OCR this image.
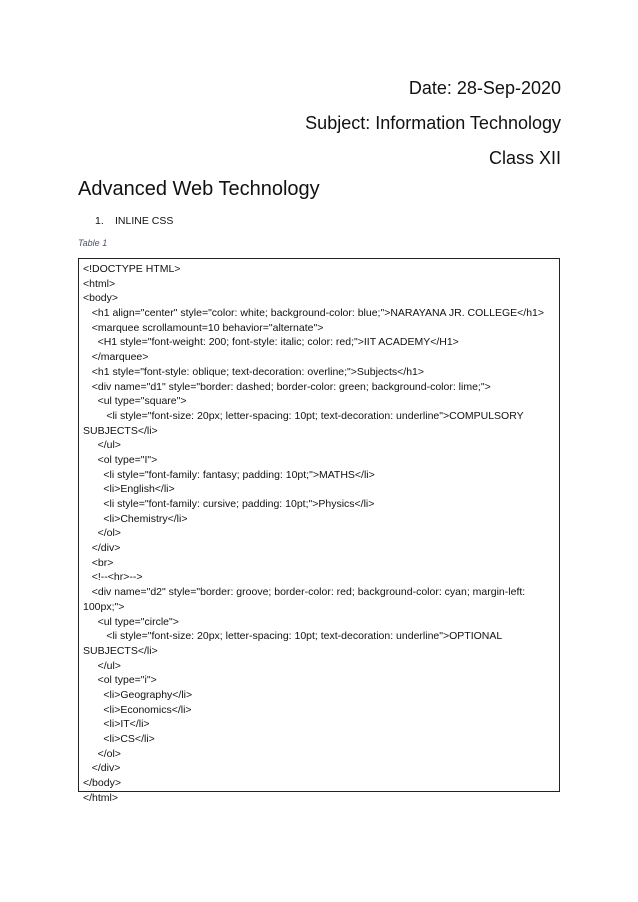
Date: 28-Sep-2020
Subject: Information Technology
Class XII
Advanced Web Technology
1. INLINE CSS
Table 1
<!DOCTYPE HTML>
<html>
<body>
<h1 align="center" style="color: white; background-color: blue;">NARAYANA JR. COLLEGE</h1>
<marquee scrollamount=10 behavior="alternate">
<H1 style="font-weight: 200; font-style: italic; color: red;">IIT ACADEMY</H1>
</marquee>
<h1 style="font-style: oblique; text-decoration: overline;">Subjects</h1>
<div name="d1" style="border: dashed; border-color: green; background-color: lime;">
<ul type="square">
<li style="font-size: 20px; letter-spacing: 10pt; text-decoration: underline">COMPULSORY
SUBJECTS</li>
</ul>
<ol type="I">
<li style="font-family: fantasy; padding: 10pt;">MATHS</li>
<li>English</li>
<li style="font-family: cursive; padding: 10pt;">Physics</li>
<li>Chemistry</li>
</ol>
</div>
<br>
<!--<hr>-->
<div name="d2" style="border: groove; border-color: red; background-color: cyan; margin-left:
100px;">
<ul type="circle">
<li style="font-size: 20px; letter-spacing: 10pt; text-decoration: underline">OPTIONAL
SUBJECTS</li>
</ul>
<ol type="i">
<li>Geography</li>
<li>Economics</li>
<li>IT</li>
<li>CS</li>
</ol>
</div>
</body>
</html>
